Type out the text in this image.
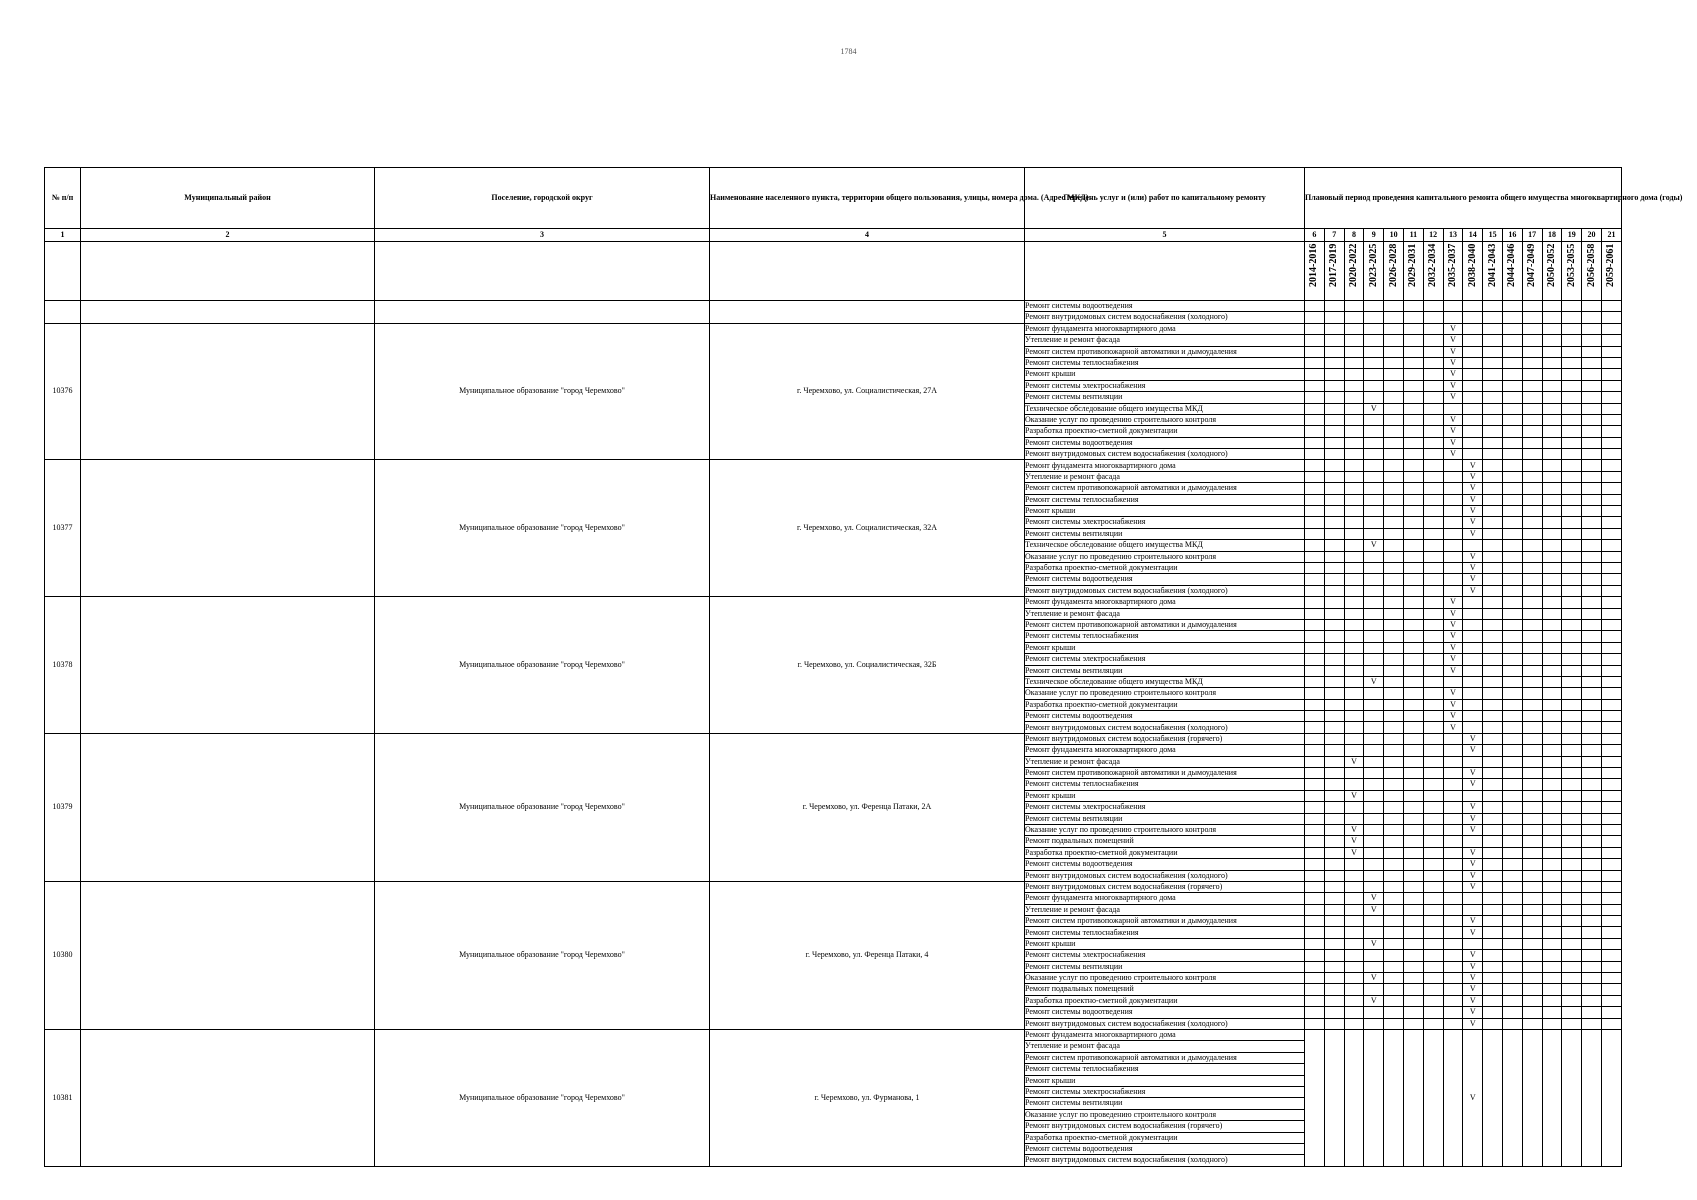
1784
№ п/п	Муниципальный район	Поселение, городской округ	Наименование населенного пункта, территории общего пользования, улицы, номера дома. (Адрес МКД)	Перечень услуг и (или) работ по капитальному ремонту	Плановый период проведения капитального ремонта общего имущества многоквартирного дома (годы)															
1	2	3	4	5	6	7	8	9	10	11	12	13	14	15	16	17	18	19	20	21

					2014-2016	2017-2019	2020-2022	2023-2025	2026-2028	2029-2031	2032-2034	2035-2037	2038-2040	2041-2043	2044-2046	2047-2049	2050-2052	2053-2055	2056-2058	2059-2061

				Ремонт системы водоотведения																
				Ремонт внутридомовых систем водоснабжения (холодного)																
10376		Муниципальное образование "город Черемхово"	г. Черемхово, ул. Социалистическая, 27А	Ремонт фундамента многоквартирного дома								V								
				Утепление и ремонт фасада								V								
				Ремонт систем противопожарной автоматики и дымоудаления								V								
				Ремонт системы теплоснабжения								V								
				Ремонт крыши								V								
				Ремонт системы электроснабжения								V								
				Ремонт системы вентиляции								V								
				Техническое обследование общего имущества МКД				V												
				Оказание услуг по проведению строительного контроля								V								
				Разработка проектно-сметной документации								V								
				Ремонт системы водоотведения								V								
				Ремонт внутридомовых систем водоснабжения (холодного)								V								
10377		Муниципальное образование "город Черемхово"	г. Черемхово, ул. Социалистическая, 32А	Ремонт фундамента многоквартирного дома									V							
				Утепление и ремонт фасада									V							
				Ремонт систем противопожарной автоматики и дымоудаления									V							
				Ремонт системы теплоснабжения									V							
				Ремонт крыши									V							
				Ремонт системы электроснабжения									V							
				Ремонт системы вентиляции									V							
				Техническое обследование общего имущества МКД				V												
				Оказание услуг по проведению строительного контроля									V							
				Разработка проектно-сметной документации									V							
				Ремонт системы водоотведения									V							
				Ремонт внутридомовых систем водоснабжения (холодного)									V							
10378		Муниципальное образование "город Черемхово"	г. Черемхово, ул. Социалистическая, 32Б	Ремонт фундамента многоквартирного дома								V								
				Утепление и ремонт фасада								V								
				Ремонт систем противопожарной автоматики и дымоудаления								V								
				Ремонт системы теплоснабжения								V								
				Ремонт крыши								V								
				Ремонт системы электроснабжения								V								
				Ремонт системы вентиляции								V								
				Техническое обследование общего имущества МКД				V												
				Оказание услуг по проведению строительного контроля								V								
				Разработка проектно-сметной документации								V								
				Ремонт системы водоотведения								V								
				Ремонт внутридомовых систем водоснабжения (холодного)								V								
10379		Муниципальное образование "город Черемхово"	г. Черемхово, ул. Ференца Патаки, 2А	Ремонт внутридомовых систем водоснабжения (горячего)									V							
				Ремонт фундамента многоквартирного дома									V							
				Утепление и ремонт фасада			V													
				Ремонт систем противопожарной автоматики и дымоудаления									V							
				Ремонт системы теплоснабжения									V							
				Ремонт крыши			V													
				Ремонт системы электроснабжения									V							
				Ремонт системы вентиляции									V							
				Оказание услуг по проведению строительного контроля			V						V							
				Ремонт подвальных помещений			V													
				Разработка проектно-сметной документации			V						V							
				Ремонт системы водоотведения									V							
				Ремонт внутридомовых систем водоснабжения (холодного)									V							
10380		Муниципальное образование "город Черемхово"	г. Черемхово, ул. Ференца Патаки, 4	Ремонт внутридомовых систем водоснабжения (горячего)									V							
				Ремонт фундамента многоквартирного дома				V												
				Утепление и ремонт фасада				V												
				Ремонт систем противопожарной автоматики и дымоудаления									V							
				Ремонт системы теплоснабжения									V							
				Ремонт крыши				V												
				Ремонт системы электроснабжения									V							
				Ремонт системы вентиляции									V							
				Оказание услуг по проведению строительного контроля				V					V							
				Ремонт подвальных помещений									V							
				Разработка проектно-сметной документации				V					V							
				Ремонт системы водоотведения									V							
				Ремонт внутридомовых систем водоснабжения (холодного)									V							
10381		Муниципальное образование "город Черемхово"	г. Черемхово, ул. Фурманова, 1	Ремонт фундамента многоквартирного дома									V							
				Утепление и ремонт фасада																
				Ремонт систем противопожарной автоматики и дымоудаления																
				Ремонт системы теплоснабжения																
				Ремонт крыши																
				Ремонт системы электроснабжения																
				Ремонт системы вентиляции																
				Оказание услуг по проведению строительного контроля																
				Ремонт внутридомовых систем водоснабжения (горячего)																
				Разработка проектно-сметной документации																
				Ремонт системы водоотведения																
				Ремонт внутридомовых систем водоснабжения (холодного)																
